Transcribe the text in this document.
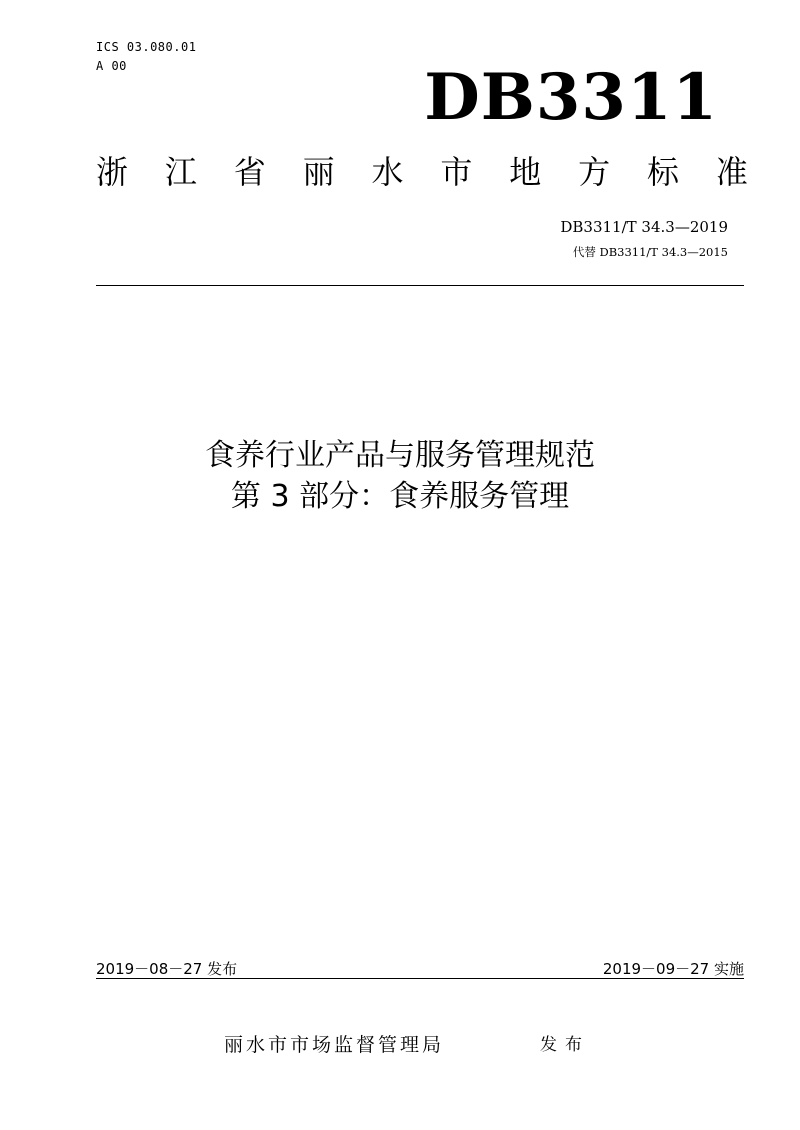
ICS 03.080.01
A 00	DB3311
浙 江 省 丽 水 市 地 方 标 准
DB3311/T 34.3—2019
代替 DB3311/T 34.3—2015
食养行业产品与服务管理规范
第 3 部分：食养服务管理
2019－08－27 发布	2019－09－27 实施
丽水市市场监督管理局	发布
